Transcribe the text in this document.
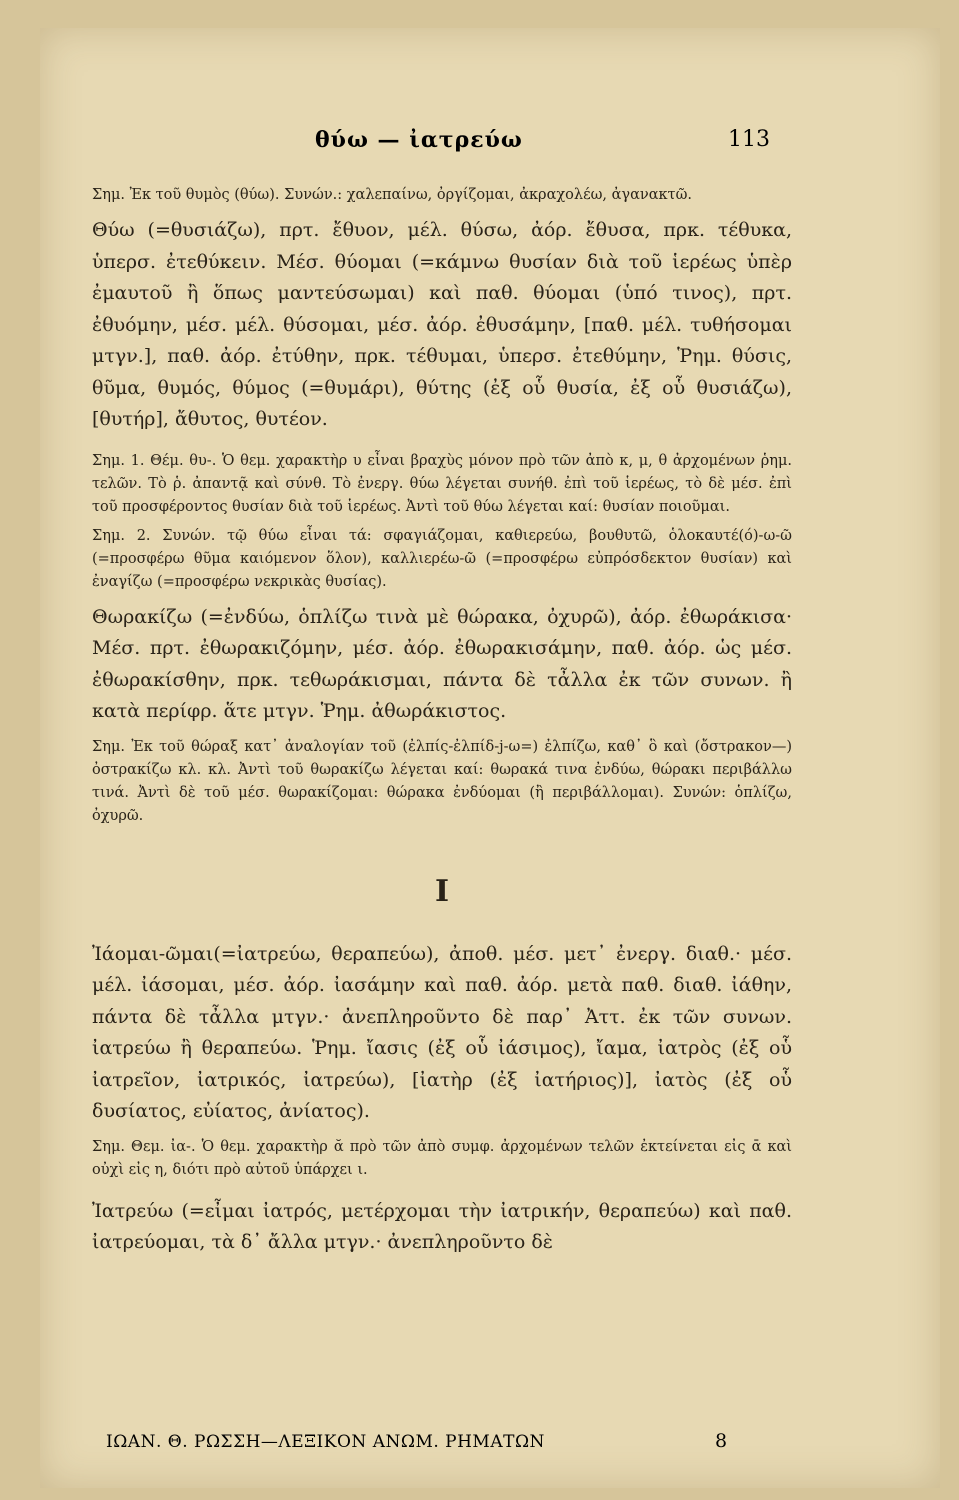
θύω — ἰατρεύω	113

Σημ. Ἐκ τοῦ θυμὸς (θύω). Συνών.: χαλεπαίνω, ὀργίζομαι, ἀκραχολέω, ἀγανακτῶ.

Θύω (=θυσιάζω), πρτ. ἔθυον, μέλ. θύσω, ἀόρ. ἔθυσα, πρκ. τέθυκα, ὑπερσ. ἐτεθύκειν. Μέσ. θύομαι (=κάμνω θυσίαν διὰ τοῦ ἱερέως ὑπὲρ ἐμαυτοῦ ἢ ὅπως μαντεύσωμαι) καὶ παθ. θύομαι (ὑπό τινος), πρτ. ἐθυόμην, μέσ. μέλ. θύσομαι, μέσ. ἀόρ. ἐθυσάμην, [παθ. μέλ. τυθήσομαι μτγν.], παθ. ἀόρ. ἐτύθην, πρκ. τέθυμαι, ὑπερσ. ἐτεθύμην, Ῥημ. θύσις, θῦμα, θυμός, θύμος (=θυμάρι), θύτης (ἐξ οὗ θυσία, ἐξ οὗ θυσιάζω), [θυτήρ], ἄθυτος, θυτέον.

Σημ. 1. Θέμ. θυ-. Ὁ θεμ. χαρακτὴρ υ εἶναι βραχὺς μόνον πρὸ τῶν ἀπὸ κ, μ, θ ἀρχομένων ῥημ. τελῶν. Τὸ ῥ. ἀπαντᾷ καὶ σύνθ. Τὸ ἐνεργ. θύω λέγεται συνήθ. ἐπὶ τοῦ ἱερέως, τὸ δὲ μέσ. ἐπὶ τοῦ προσφέροντος θυσίαν διὰ τοῦ ἱερέως. Ἀντὶ τοῦ θύω λέγεται καί: θυσίαν ποιοῦμαι.

Σημ. 2. Συνών. τῷ θύω εἶναι τά: σφαγιάζομαι, καθιερεύω, βουθυτῶ, ὁλοκαυτέ(ό)-ω-ῶ (=προσφέρω θῦμα καιόμενον ὅλον), καλλιερέω-ῶ (=προσφέρω εὐπρόσδεκτον θυσίαν) καὶ ἐναγίζω (=προσφέρω νεκρικὰς θυσίας).

Θωρακίζω (=ἐνδύω, ὁπλίζω τινὰ μὲ θώρακα, ὀχυρῶ), ἀόρ. ἐθωράκισα· Μέσ. πρτ. ἐθωρακιζόμην, μέσ. ἀόρ. ἐθωρακισάμην, παθ. ἀόρ. ὡς μέσ. ἐθωρακίσθην, πρκ. τεθωράκισμαι, πάντα δὲ τἆλλα ἐκ τῶν συνων. ἢ κατὰ περίφρ. ἅτε μτγν. Ῥημ. ἀθωράκιστος.

Σημ. Ἐκ τοῦ θώραξ κατ᾽ ἀναλογίαν τοῦ (ἐλπίς-ἐλπίδ-j-ω=) ἐλπίζω, καθ᾽ ὃ καὶ (ὄστρακον—) ὀστρακίζω κλ. κλ. Ἀντὶ τοῦ θωρακίζω λέγεται καί: θωρακά τινα ἐνδύω, θώρακι περιβάλλω τινά. Ἀντὶ δὲ τοῦ μέσ. θωρακίζομαι: θώρακα ἐνδύομαι (ἢ περιβάλλομαι). Συνών: ὁπλίζω, ὀχυρῶ.

Ι

Ἰάομαι-ῶμαι(=ἰατρεύω, θεραπεύω), ἀποθ. μέσ. μετ᾽ ἐνεργ. διαθ.· μέσ. μέλ. ἰάσομαι, μέσ. ἀόρ. ἰασάμην καὶ παθ. ἀόρ. μετὰ παθ. διαθ. ἰάθην, πάντα δὲ τἆλλα μτγν.· ἀνεπληροῦντο δὲ παρ᾽ Ἀττ. ἐκ τῶν συνων. ἰατρεύω ἢ θεραπεύω. Ῥημ. ἴασις (ἐξ οὗ ἰάσιμος), ἴαμα, ἰατρὸς (ἐξ οὗ ἰατρεῖον, ἰατρικός, ἰατρεύω), [ἰατὴρ (ἐξ ἰατήριος)], ἰατὸς (ἐξ οὗ δυσίατος, εὐίατος, ἀνίατος).

Σημ. Θεμ. ἰα-. Ὁ θεμ. χαρακτὴρ ᾰ πρὸ τῶν ἀπὸ συμφ. ἀρχομένων τελῶν ἐκτείνεται εἰς ᾱ καὶ οὐχὶ εἰς η, διότι πρὸ αὐτοῦ ὑπάρχει ι.

Ἰατρεύω (=εἶμαι ἰατρός, μετέρχομαι τὴν ἰατρικήν, θεραπεύω) καὶ παθ. ἰατρεύομαι, τὰ δ᾽ ἄλλα μτγν.· ἀνεπληροῦντο δὲ

ΙΩΑΝ. Θ. ΡΩΣΣΗ—ΛΕΞΙΚΟΝ ΑΝΩΜ. ΡΗΜΑΤΩΝ	8
